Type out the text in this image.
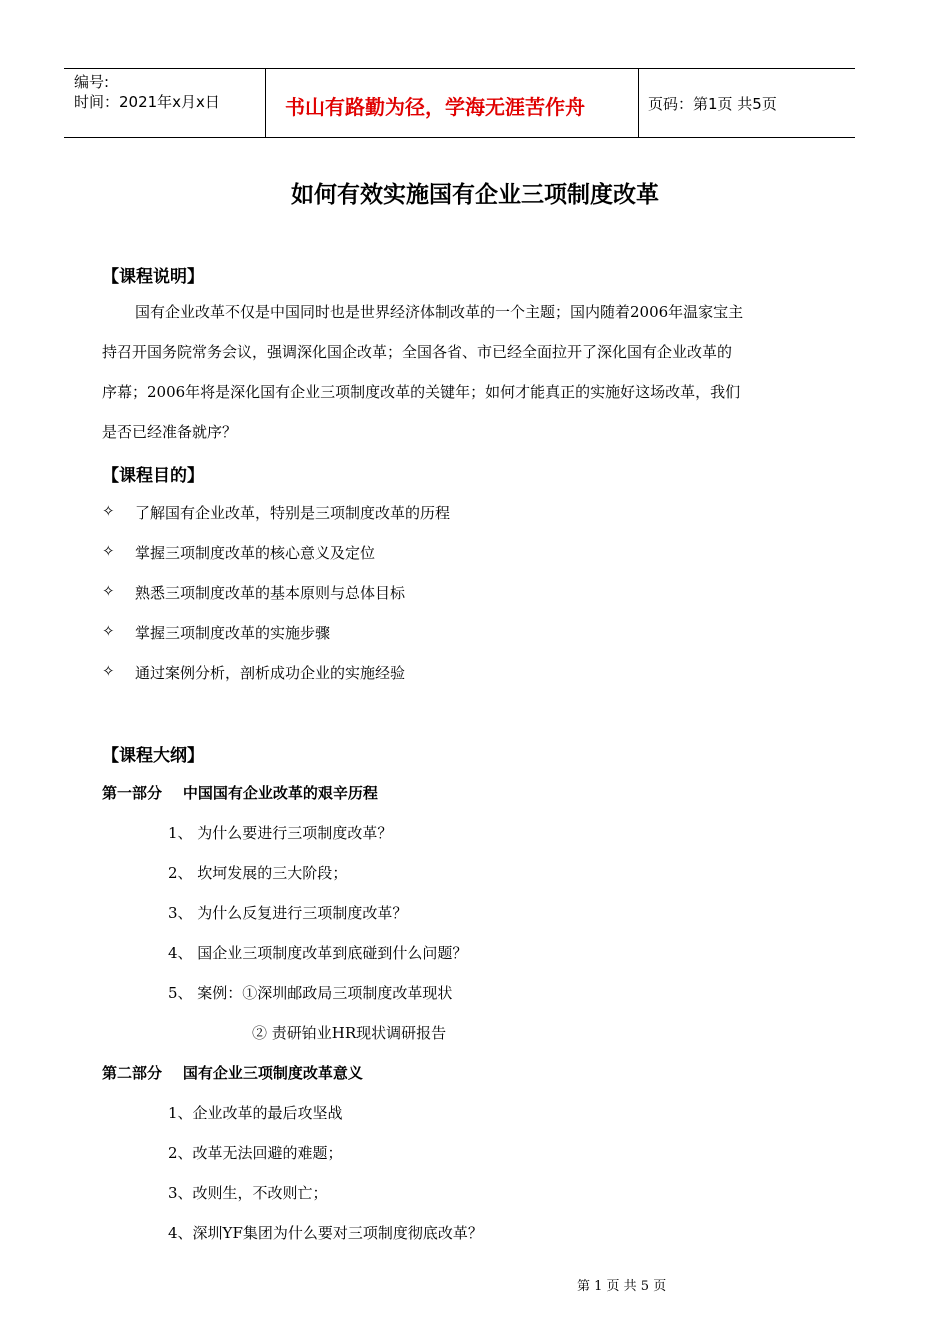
编号:
时间：2021年x月x日	书山有路勤为径，学海无涯苦作舟	页码：第1页 共5页
如何有效实施国有企业三项制度改革
【课程说明】
国有企业改革不仅是中国同时也是世界经济体制改革的一个主题；国内随着2006年温家宝主
持召开国务院常务会议，强调深化国企改革；全国各省、市已经全面拉开了深化国有企业改革的
序幕；2006年将是深化国有企业三项制度改革的关键年；如何才能真正的实施好这场改革，我们
是否已经准备就序？
【课程目的】
✧ 了解国有企业改革，特别是三项制度改革的历程
✧ 掌握三项制度改革的核心意义及定位
✧ 熟悉三项制度改革的基本原则与总体目标
✧ 掌握三项制度改革的实施步骤
✧ 通过案例分析，剖析成功企业的实施经验
【课程大纲】
第一部分    中国国有企业改革的艰辛历程
1、 为什么要进行三项制度改革？
2、 坎坷发展的三大阶段；
3、 为什么反复进行三项制度改革？
4、 国企业三项制度改革到底碰到什么问题？
5、 案例：①深圳邮政局三项制度改革现状
② 责研铂业HR现状调研报告
第二部分    国有企业三项制度改革意义
1、企业改革的最后攻坚战
2、改革无法回避的难题；
3、改则生，不改则亡；
4、深圳YF集团为什么要对三项制度彻底改革？
第 1 页 共 5 页
